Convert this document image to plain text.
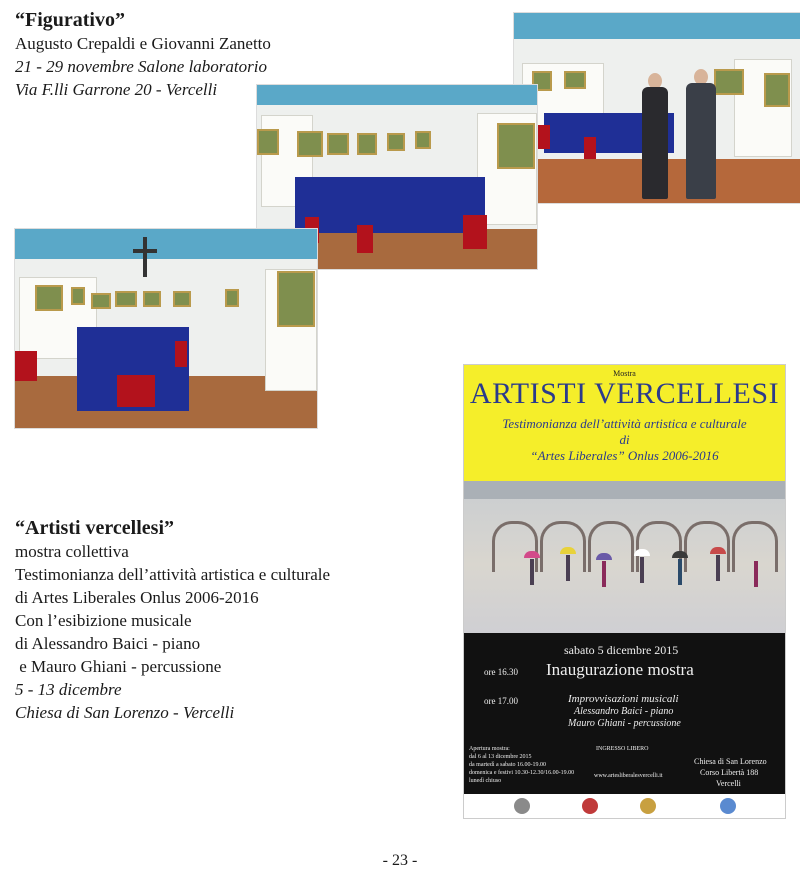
“Figurativo”
Augusto Crepaldi e Giovanni Zanetto
21 - 29 novembre Salone laboratorio
Via F.lli Garrone 20 - Vercelli
“Artisti vercellesi”
mostra collettiva
Testimonianza dell’attività artistica e culturale
di Artes Liberales Onlus 2006-2016
Con l’esibizione musicale
di Alessandro Baici - piano
e Mauro Ghiani - percussione
5 - 13 dicembre
Chiesa di San Lorenzo - Vercelli
Mostra
ARTISTI VERCELLESI
Testimonianza dell’attività artistica e culturale
di
“Artes Liberales” Onlus 2006-2016
sabato 5 dicembre 2015
ore 16.30 Inaugurazione mostra
ore 17.00	Improvvisazioni musicali
Alessandro Baici - piano
Mauro Ghiani - percussione
Apertura mostra:
dal 6 al 13 dicembre 2015
da martedì a sabato 16.00-19.00
domenica e festivi 10.30-12.30/16.00-19.00
lunedì chiuso
INGRESSO LIBERO
www.artesliberalesvercelli.it
Chiesa di San Lorenzo
Corso Libertà 188
Vercelli
- 23 -
